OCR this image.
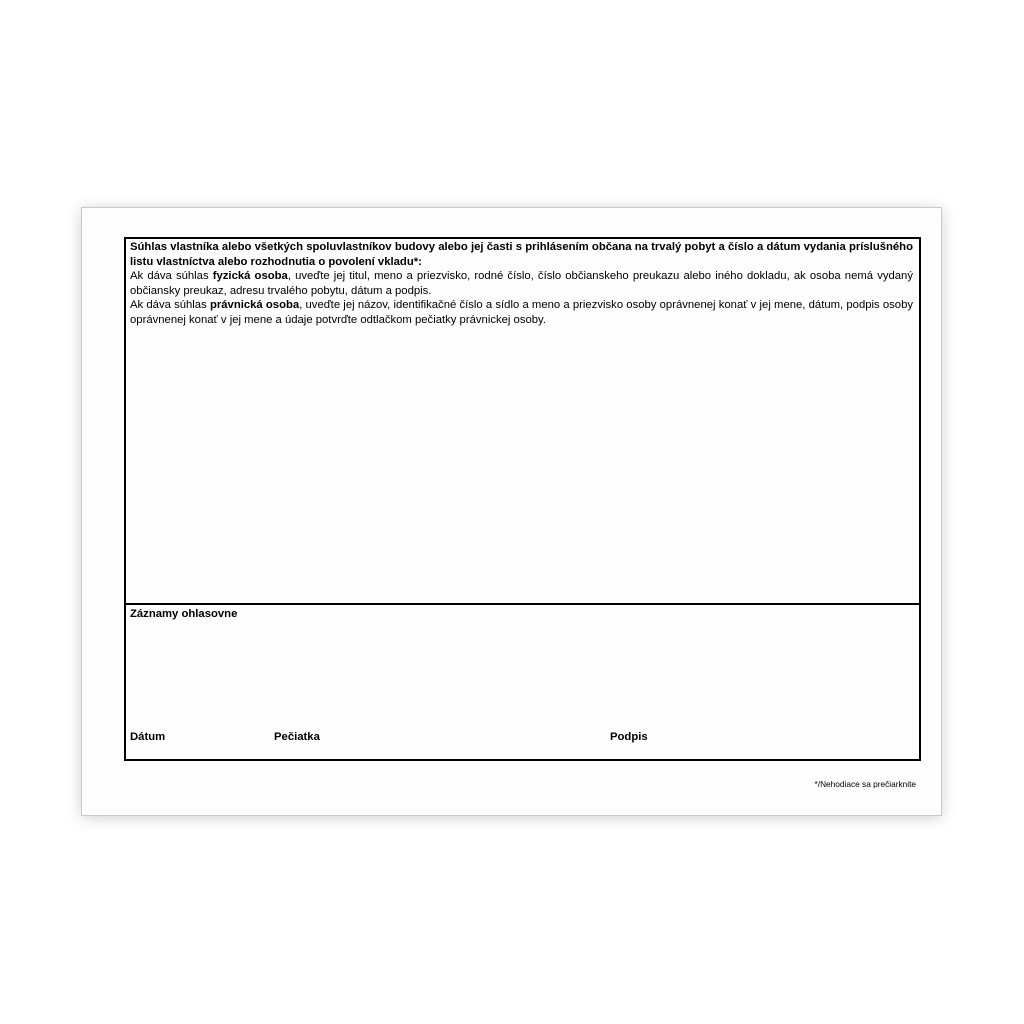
Súhlas vlastníka alebo všetkých spoluvlastníkov budovy alebo jej časti s prihlásením občana na trvalý pobyt a číslo a dátum vydania príslušného listu vlastníctva alebo rozhodnutia o povolení vkladu*:

Ak dáva súhlas fyzická osoba, uveďte jej titul, meno a priezvisko, rodné číslo, číslo občianskeho preukazu alebo iného dokladu, ak osoba nemá vydaný občiansky preukaz, adresu trvalého pobytu, dátum a podpis.

Ak dáva súhlas právnická osoba, uveďte jej názov, identifikačné číslo a sídlo a meno a priezvisko osoby oprávnenej konať v jej mene, dátum, podpis osoby oprávnenej konať v jej mene a údaje potvrďte odtlačkom pečiatky právnickej osoby.

Záznamy ohlasovne
Dátum	Pečiatka	Podpis
*/Nehodiace sa prečiarknite
